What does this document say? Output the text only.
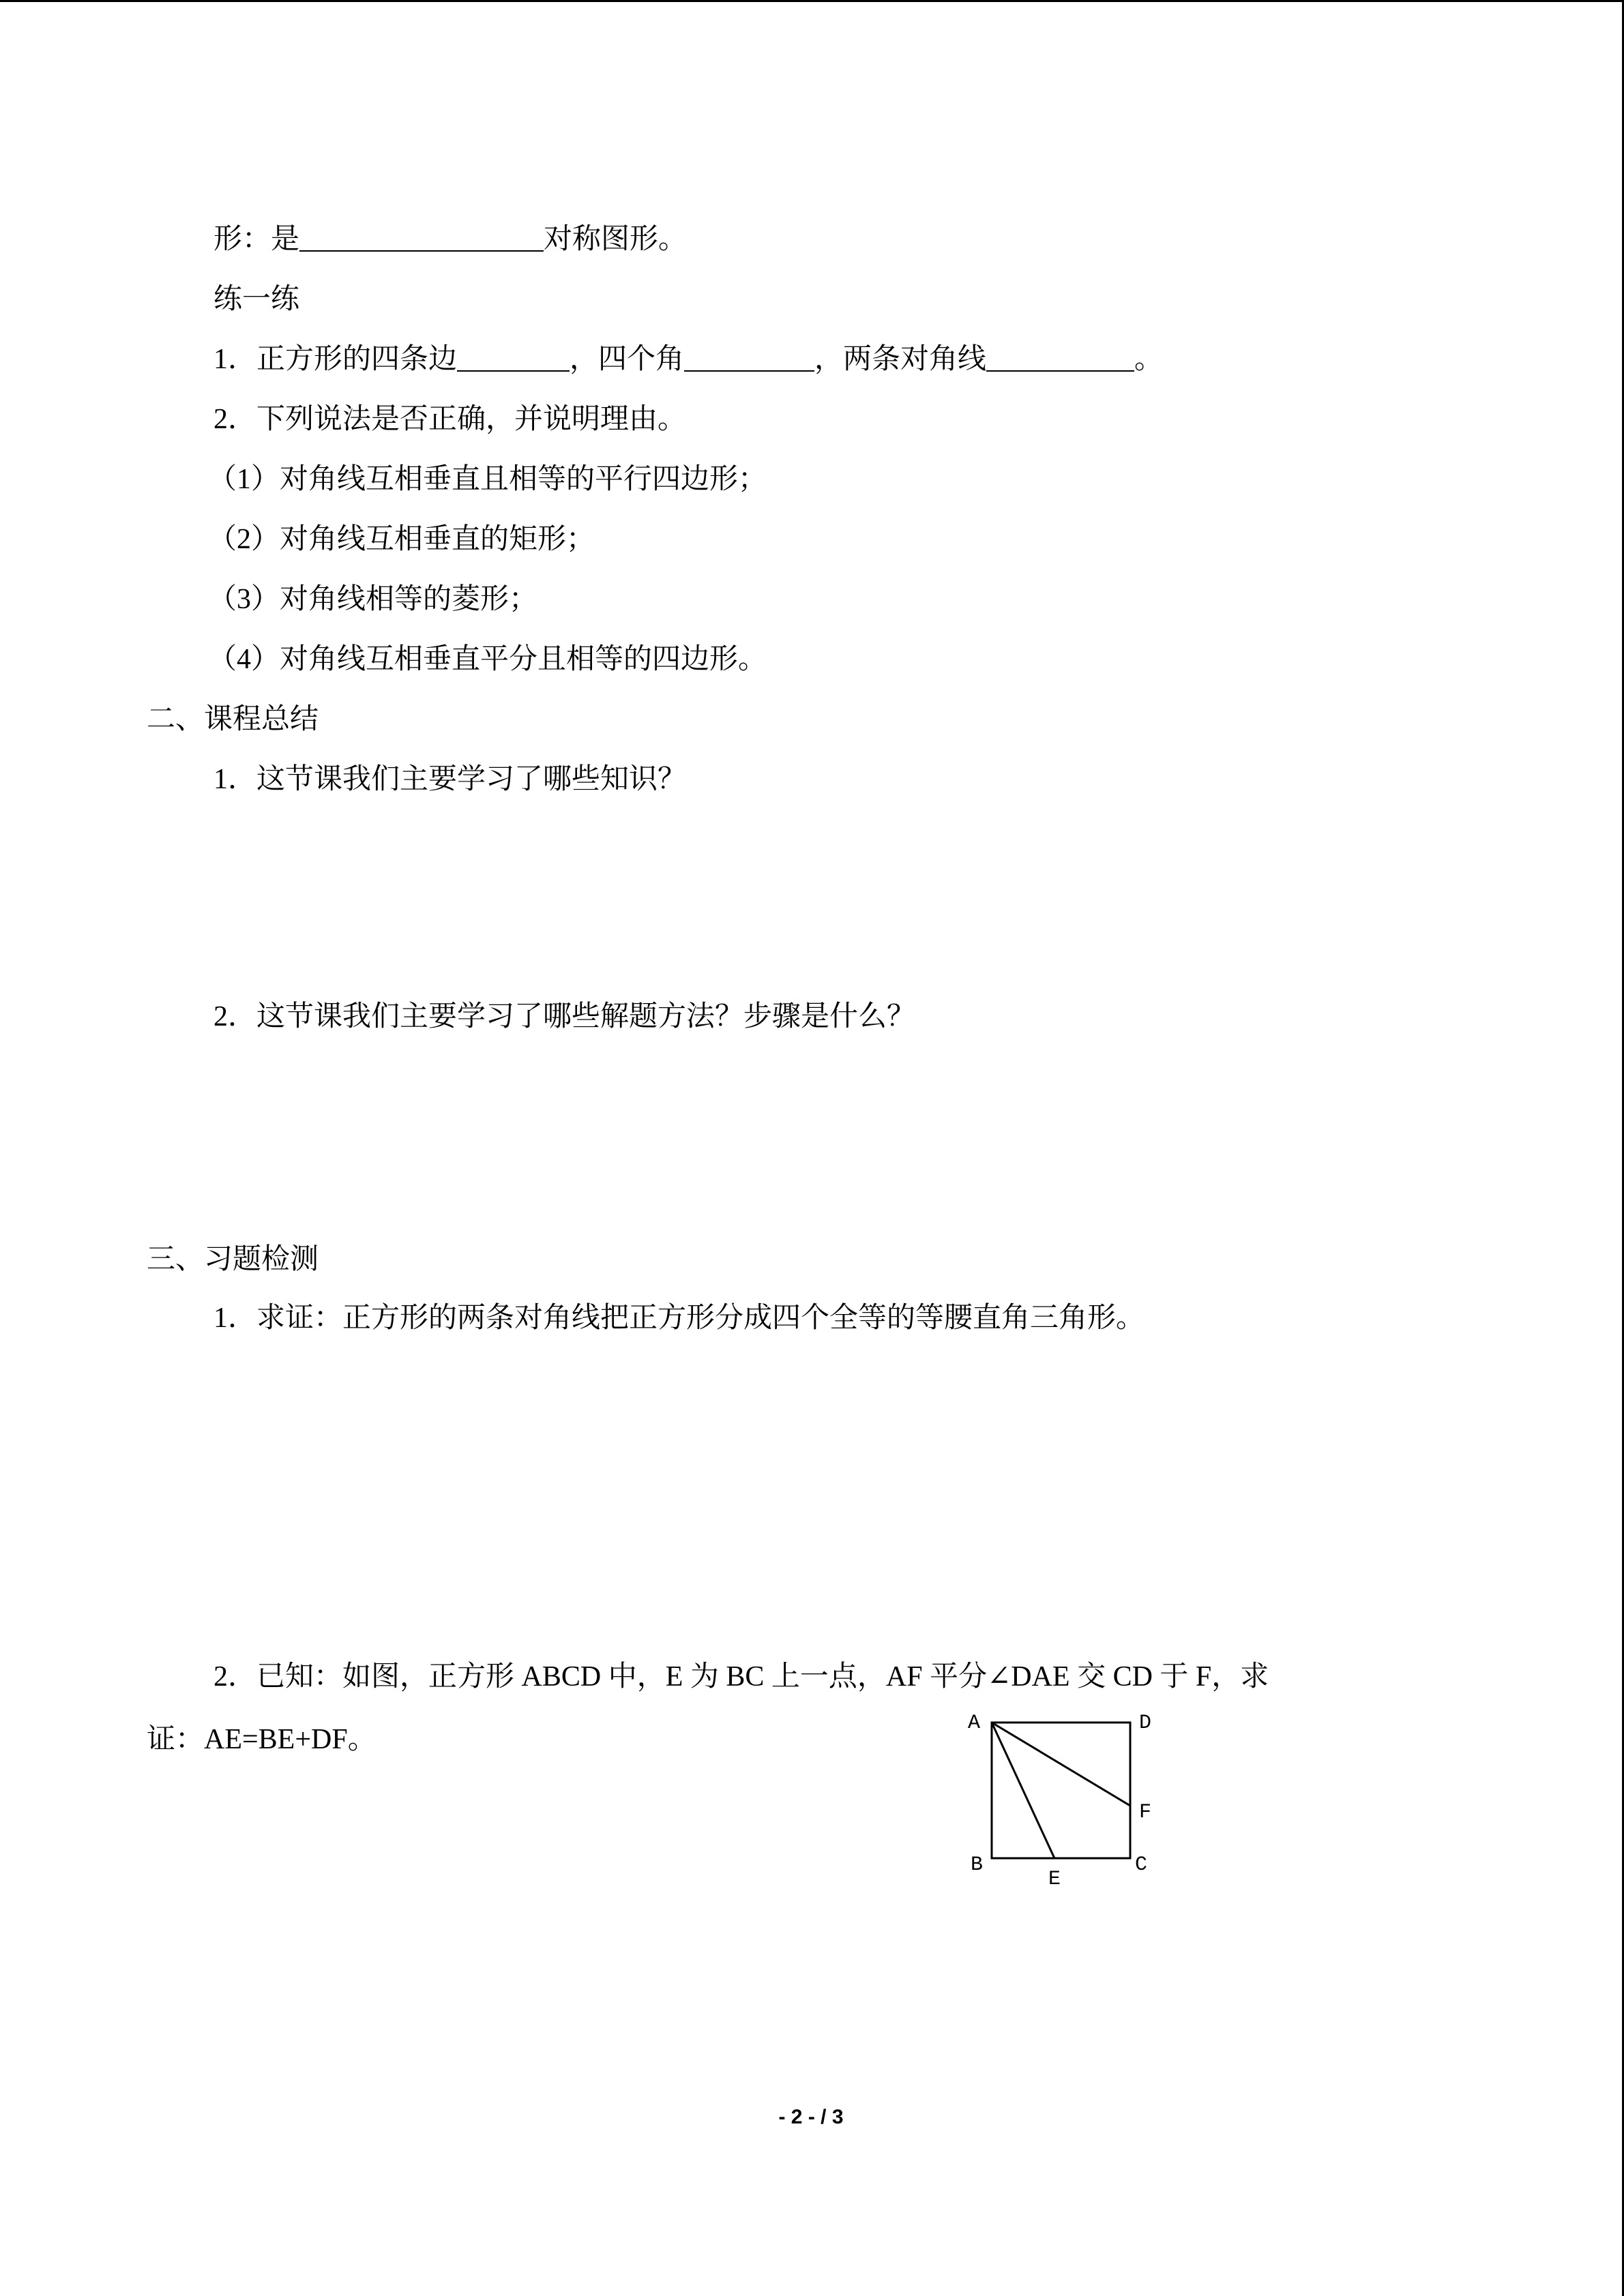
形：是	对称图形。
练一练
1．正方形的四条边	，四个角	，两条对角线	。
2．下列说法是否正确，并说明理由。
（1）对角线互相垂直且相等的平行四边形；
（2）对角线互相垂直的矩形；
（3）对角线相等的菱形；
（4）对角线互相垂直平分且相等的四边形。
二、课程总结
1．这节课我们主要学习了哪些知识？
2．这节课我们主要学习了哪些解题方法？步骤是什么？
三、习题检测
1．求证：正方形的两条对角线把正方形分成四个全等的等腰直角三角形。
2．已知：如图，正方形 ABCD 中，E 为 BC 上一点，AF 平分∠DAE 交 CD 于 F，求
证：AE=BE+DF。
A	D
F
B
E
C
- 2 - / 3
